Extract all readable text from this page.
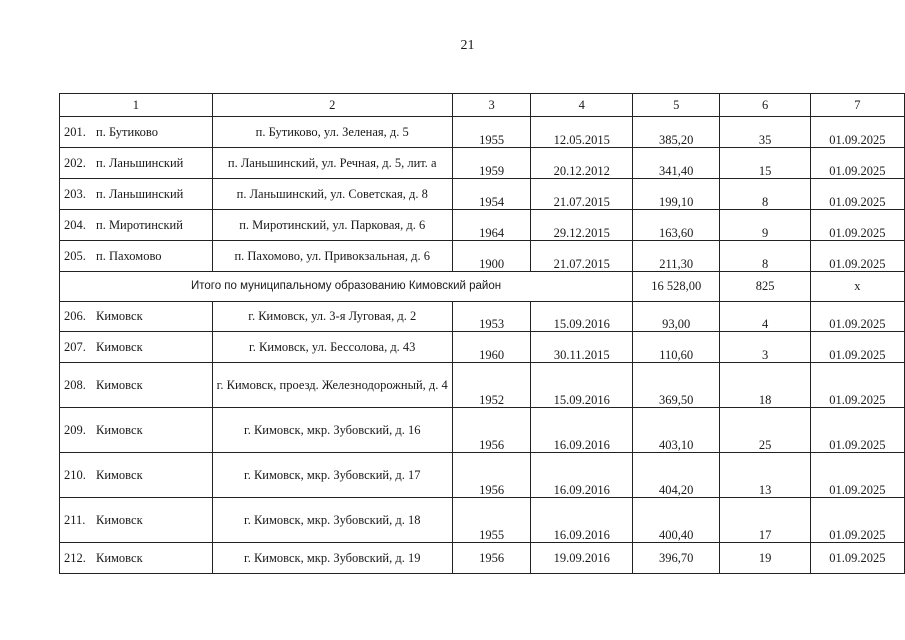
21
1	2	3	4	5	6	7
201. п. Бутиково	п. Бутиково, ул. Зеленая, д. 5	1955	12.05.2015	385,20	35	01.09.2025
202. п. Ланьшинский	п. Ланьшинский, ул. Речная, д. 5, лит. а	1959	20.12.2012	341,40	15	01.09.2025
203. п. Ланьшинский	п. Ланьшинский, ул. Советская, д. 8	1954	21.07.2015	199,10	8	01.09.2025
204. п. Миротинский	п. Миротинский, ул. Парковая, д. 6	1964	29.12.2015	163,60	9	01.09.2025
205. п. Пахомово	п. Пахомово, ул. Привокзальная, д. 6	1900	21.07.2015	211,30	8	01.09.2025
Итого по муниципальному образованию Кимовский район				16 528,00	825	х
206. Кимовск	г. Кимовск, ул. 3-я Луговая, д. 2	1953	15.09.2016	93,00	4	01.09.2025
207. Кимовск	г. Кимовск, ул. Бессолова, д. 43	1960	30.11.2015	110,60	3	01.09.2025
208. Кимовск	г. Кимовск, проезд. Железнодорожный, д. 4	1952	15.09.2016	369,50	18	01.09.2025
209. Кимовск	г. Кимовск, мкр. Зубовский, д. 16	1956	16.09.2016	403,10	25	01.09.2025
210. Кимовск	г. Кимовск, мкр. Зубовский, д. 17	1956	16.09.2016	404,20	13	01.09.2025
211. Кимовск	г. Кимовск, мкр. Зубовский, д. 18	1955	16.09.2016	400,40	17	01.09.2025
212. Кимовск	г. Кимовск, мкр. Зубовский, д. 19	1956	19.09.2016	396,70	19	01.09.2025
